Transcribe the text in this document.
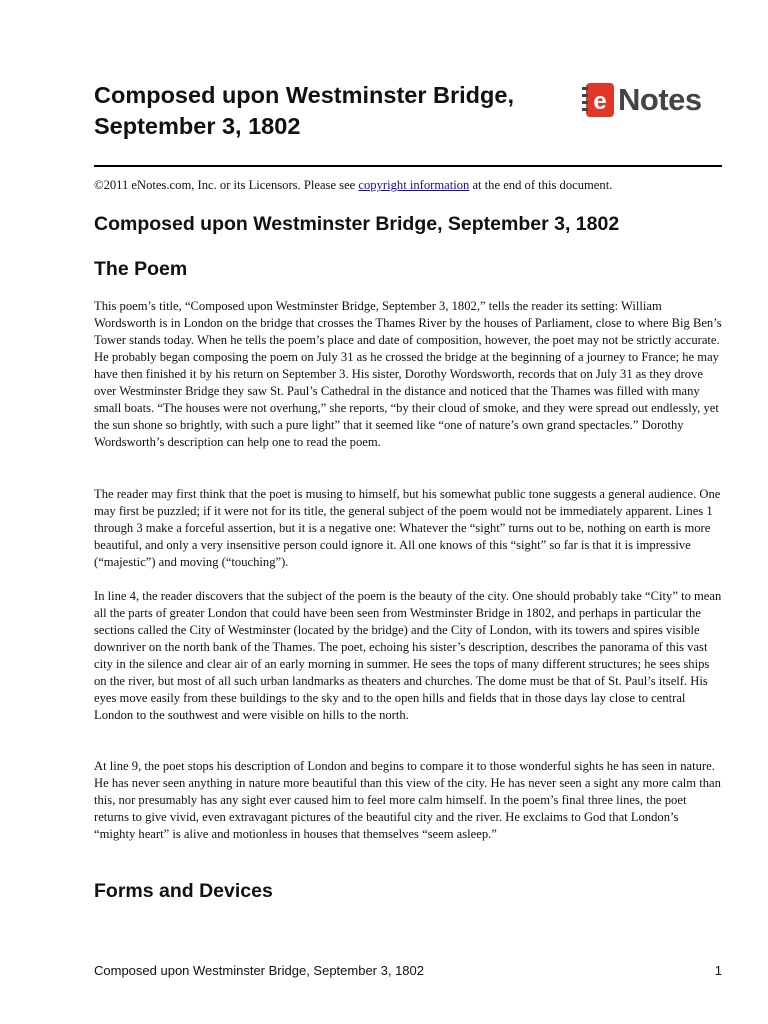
Composed upon Westminster Bridge, September 3, 1802
e Notes

©2011 eNotes.com, Inc. or its Licensors. Please see copyright information at the end of this document.

Composed upon Westminster Bridge, September 3, 1802
The Poem

This poem’s title, “Composed upon Westminster Bridge, September 3, 1802,” tells the reader its setting: William Wordsworth is in London on the bridge that crosses the Thames River by the houses of Parliament, close to where Big Ben’s Tower stands today. When he tells the poem’s place and date of composition, however, the poet may not be strictly accurate. He probably began composing the poem on July 31 as he crossed the bridge at the beginning of a journey to France; he may have then finished it by his return on September 3. His sister, Dorothy Wordsworth, records that on July 31 as they drove over Westminster Bridge they saw St. Paul’s Cathedral in the distance and noticed that the Thames was filled with many small boats. “The houses were not overhung,” she reports, “by their cloud of smoke, and they were spread out endlessly, yet the sun shone so brightly, with such a pure light” that it seemed like “one of nature’s own grand spectacles.” Dorothy Wordsworth’s description can help one to read the poem.

The reader may first think that the poet is musing to himself, but his somewhat public tone suggests a general audience. One may first be puzzled; if it were not for its title, the general subject of the poem would not be immediately apparent. Lines 1 through 3 make a forceful assertion, but it is a negative one: Whatever the “sight” turns out to be, nothing on earth is more beautiful, and only a very insensitive person could ignore it. All one knows of this “sight” so far is that it is impressive (“majestic”) and moving (“touching”).

In line 4, the reader discovers that the subject of the poem is the beauty of the city. One should probably take “City” to mean all the parts of greater London that could have been seen from Westminster Bridge in 1802, and perhaps in particular the sections called the City of Westminster (located by the bridge) and the City of London, with its towers and spires visible downriver on the north bank of the Thames. The poet, echoing his sister’s description, describes the panorama of this vast city in the silence and clear air of an early morning in summer. He sees the tops of many different structures; he sees ships on the river, but most of all such urban landmarks as theaters and churches. The dome must be that of St. Paul’s itself. His eyes move easily from these buildings to the sky and to the open hills and fields that in those days lay close to central London to the southwest and were visible on hills to the north.

At line 9, the poet stops his description of London and begins to compare it to those wonderful sights he has seen in nature. He has never seen anything in nature more beautiful than this view of the city. He has never seen a sight any more calm than this, nor presumably has any sight ever caused him to feel more calm himself. In the poem’s final three lines, the poet returns to give vivid, even extravagant pictures of the beautiful city and the river. He exclaims to God that London’s “mighty heart” is alive and motionless in houses that themselves “seem asleep.”

Forms and Devices

Composed upon Westminster Bridge, September 3, 1802	1
